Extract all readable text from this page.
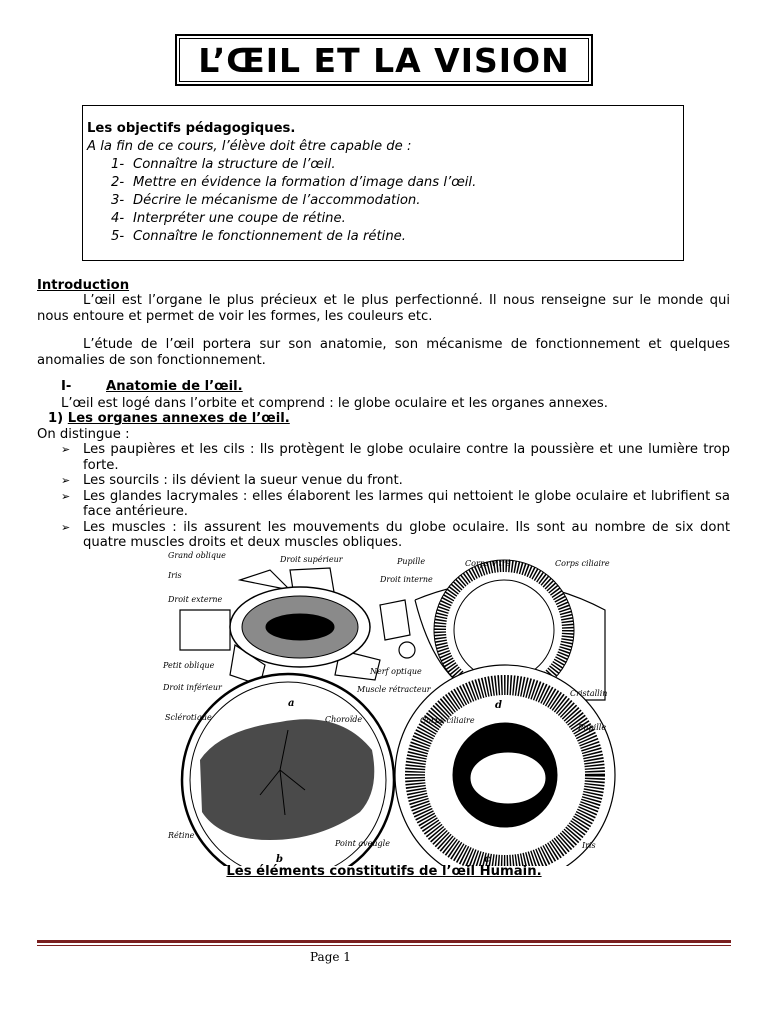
L’ŒIL ET LA VISION
Les objectifs pédagogiques.
A la fin de ce cours, l’élève doit être capable de :
1- Connaître la structure de l’œil.
2- Mettre en évidence la formation d’image dans l’œil.
3- Décrire le mécanisme de l’accommodation.
4- Interpréter une coupe de rétine.
5- Connaître le fonctionnement de la rétine.
Introduction
L’œil est l’organe le plus précieux et le plus perfectionné. Il nous renseigne sur le monde qui nous entoure et permet de voir les formes, les couleurs etc.
L’étude de l’œil portera sur son anatomie, son mécanisme de fonctionnement et quelques anomalies de son fonctionnement.
I-	Anatomie de l’œil.
L’œil est logé dans l’orbite et comprend : le globe oculaire et les organes annexes.
1) Les organes annexes de l’œil.
On distingue :
➢ Les paupières et les cils : Ils protègent le globe oculaire contre la poussière et une lumière trop forte.
➢ Les sourcils : ils dévient la sueur venue du front.
➢ Les glandes lacrymales : elles élaborent les larmes qui nettoient le globe oculaire et lubrifient sa face antérieure.
➢ Les muscles : ils assurent les mouvements du globe oculaire. Ils sont au nombre de six dont quatre muscles droits et deux muscles obliques.
Grand oblique	Droit supérieur	Pupille
Iris	Droit interne
Droit externe
Petit oblique
Nerf optique
Droit inférieur	Muscle rétracteur
Corps vitré	Corps ciliaire
Cristallin
Sclérotique	Choroïde
Rétine
Point aveugle
Corps ciliaire
Pupille
Iris
a	d
b	c
Les éléments constitutifs de l’œil Humain.
Page 1
